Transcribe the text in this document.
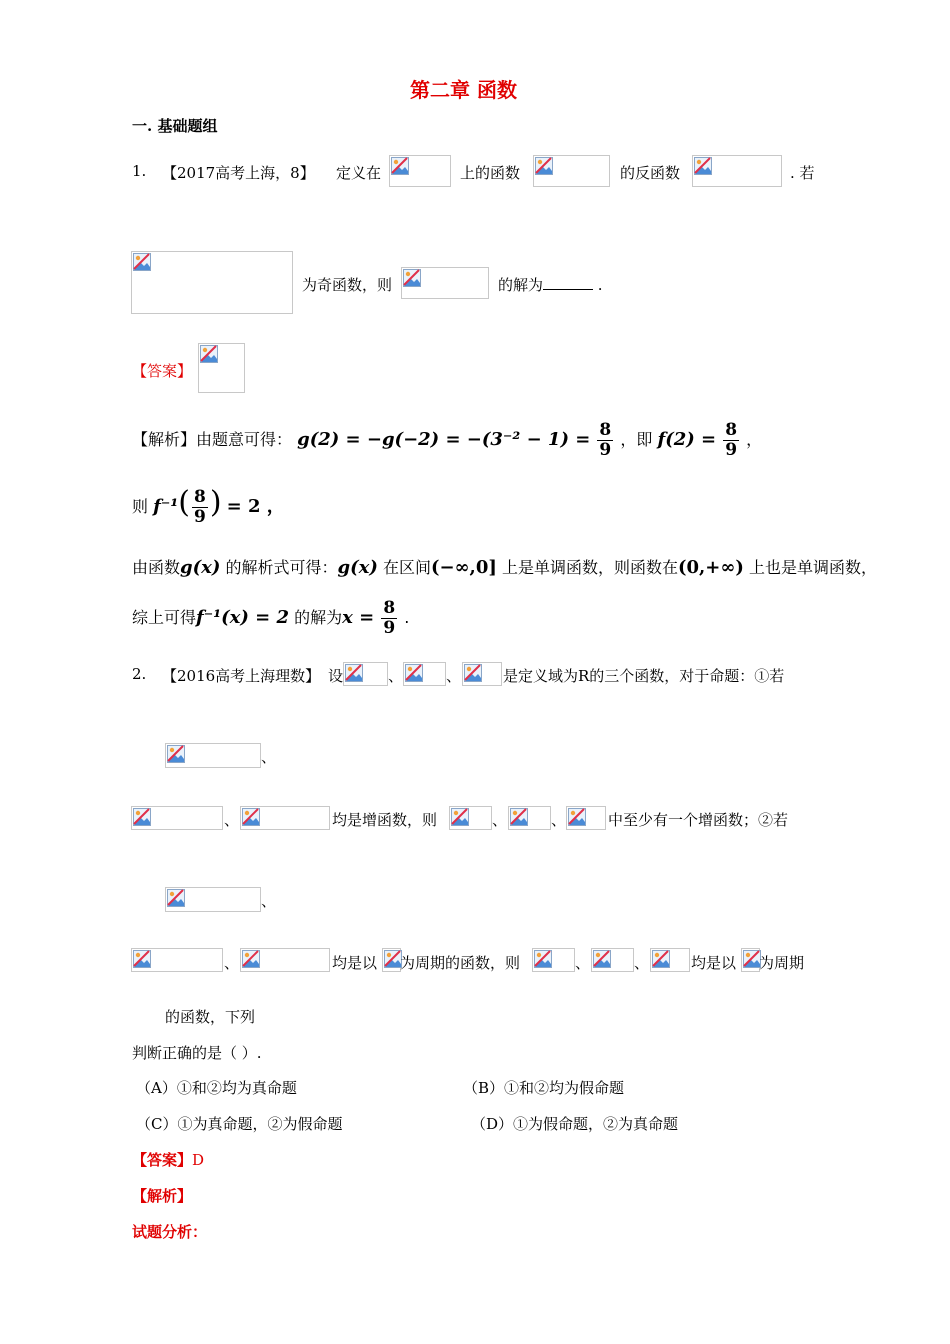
第二章 函数
一. 基础题组
1. 【2017高考上海，8】 定义在	上的函数	的反函数	. 若
为奇函数，则	的解为	.
【答案】
【解析】由题意可得： $g(2) = -g(-2) = -(3^{-2} - 1) = \frac{8}{9}$ ，即 $f(2) = \frac{8}{9}$ ，
则 $f^{-1}( \frac{8}{9}$ ) = 2 ，
由函数g(x) 的解析式可得：g(x) 在区间(−∞,0] 上是单调函数，则函数在(0,+∞) 上也是单调函数，
综上可得f⁻¹(x) = 2 的解为$x = \frac{8}{9}$ .
2. 【2016高考上海理数】 设	、	、	是定义域为R的三个函数，对于命题：①若
、
、	均是增函数，则	、	、	中至少有一个增函数；②若
、
、	均是以 为周期的函数，则	、	、	均是以 为周期
的函数，下列
判断正确的是（ ）.
（A）①和②均为真命题	（B）①和②均为假命题
（C）①为真命题，②为假命题	（D）①为假命题，②为真命题
【答案】D
【解析】
试题分析：
